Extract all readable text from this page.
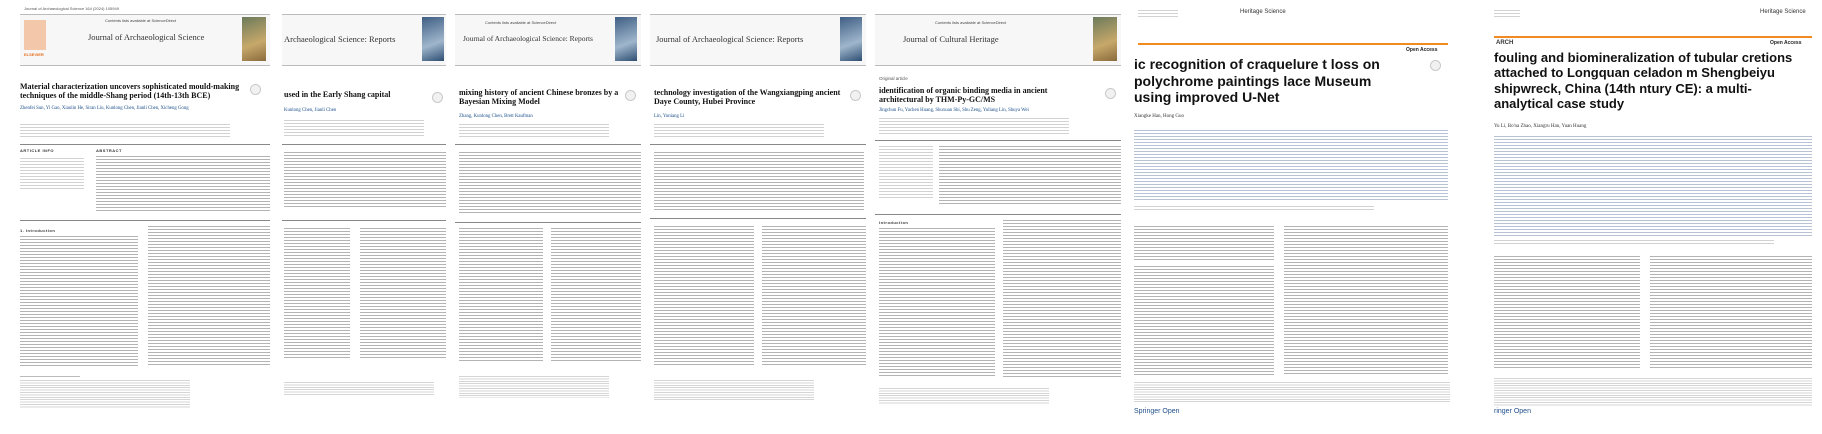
Journal of Archaeological Science 164 (2024) 105949
ELSEVIER
Contents lists available at ScienceDirect
Journal of Archaeological Science
Material characterization uncovers sophisticated mould-making techniques of the middle-Shang period (14th-13th BCE)
Zhenfei Sun, Yi Gao, Xiaolin He, Siran Liu, Kunlong Chen, Jianli Chen, Xicheng Gong
ARTICLE INFO	ABSTRACT
1. Introduction
Archaeological Science: Reports
used in the Early Shang capital
Kunlong Chen, Jianli Chen
Contents lists available at ScienceDirect
Journal of Archaeological Science: Reports
mixing history of ancient Chinese bronzes by a Bayesian Mixing Model
Zhang, Kunlong Chen, Brett Kaufman
Journal of Archaeological Science: Reports
technology investigation of the Wangxiangping ancient Daye County, Hubei Province
Lin, Yuniang Li
Contents lists available at ScienceDirect
Journal of Cultural Heritage
Original article
identification of organic binding media in ancient architectural by THM-Py-GC/MS
Jingchun Fu, Yachen Huang, Shuxuan Shi, Shu Zeng, Yuliang Lin, Shuya Wei
Introduction
Heritage Science
Open Access
ic recognition of craquelure t loss on polychrome paintings lace Museum using improved U-Net
Xiangke Han, Hong Guo
Springer Open
Heritage Science
ARCH	Open Access
fouling and biomineralization of tubular cretions attached to Longquan celadon m Shengbeiyu shipwreck, China (14th ntury CE): a multi-analytical case study
Yu Li, Bo'na Zhao, Xiangru Han, Yuan Huang
ringer Open
